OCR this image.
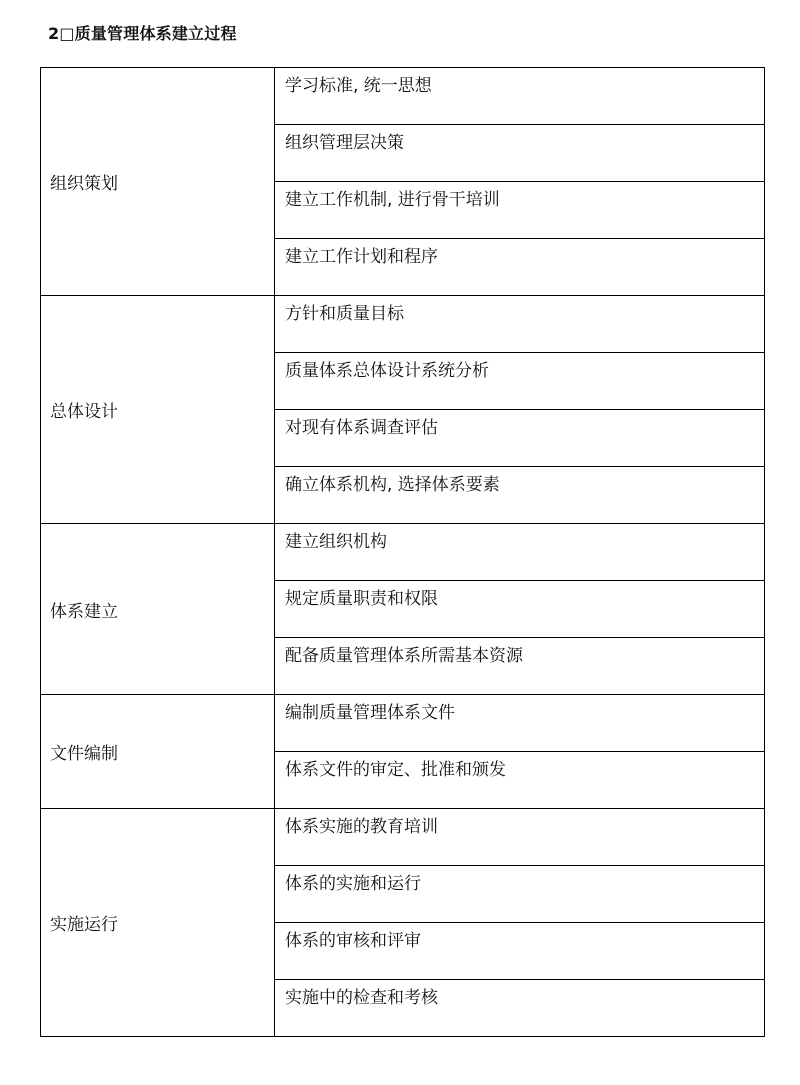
2□质量管理体系建立过程
组织策划	学习标准, 统一思想
	组织管理层决策
	建立工作机制, 进行骨干培训
	建立工作计划和程序
总体设计	方针和质量目标
	质量体系总体设计系统分析
	对现有体系调查评估
	确立体系机构, 选择体系要素
体系建立	建立组织机构
	规定质量职责和权限
	配备质量管理体系所需基本资源
文件编制	编制质量管理体系文件
	体系文件的审定、批准和颁发
实施运行	体系实施的教育培训
	体系的实施和运行
	体系的审核和评审
	实施中的检查和考核
